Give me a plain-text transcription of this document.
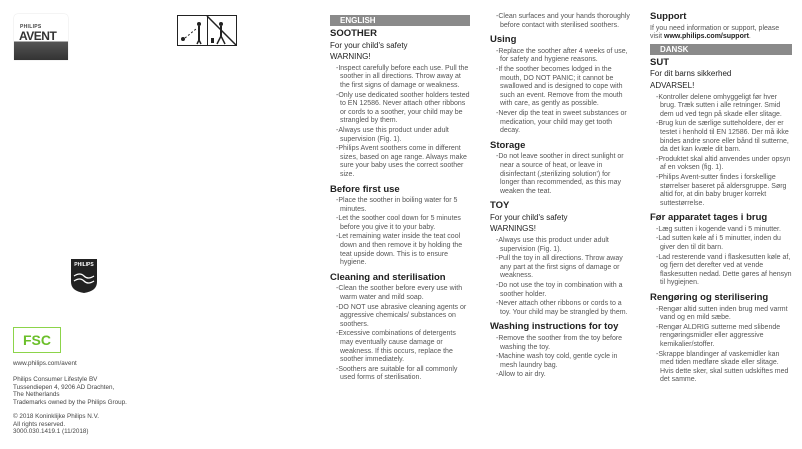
PHILIPS
AVENT
PHILIPS
FSC
www.philips.com/avent
Philips Consumer Lifestyle BV
Tussendiepen 4, 9206 AD Drachten,
The Netherlands
Trademarks owned by the Philips Group.
© 2018 Koninklijke Philips N.V.
All rights reserved.
3000.030.1419.1 (11/2018)
ENGLISH
SOOTHER
For your child's safety
WARNING!
- Inspect carefully before each use. Pull the soother in all directions. Throw away at the first signs of damage or weakness.
- Only use dedicated soother holders tested to EN 12586. Never attach other ribbons or cords to a soother, your child may be strangled by them.
- Always use this product under adult supervision (Fig. 1).
- Philips Avent soothers come in different sizes, based on age range. Always make sure your baby uses the correct soother size.
Before first use
- Place the soother in boiling water for 5 minutes.
- Let the soother cool down for 5 minutes before you give it to your baby.
- Let remaining water inside the teat cool down and then remove it by holding the teat upside down. This is to ensure hygiene.
Cleaning and sterilisation
- Clean the soother before every use with warm water and mild soap.
- DO NOT use abrasive cleaning agents or aggressive chemicals/ substances on soothers.
- Excessive combinations of detergents may eventually cause damage or weakness. If this occurs, replace the soother immediately.
- Soothers are suitable for all commonly used forms of sterilisation.
- Clean surfaces and your hands thoroughly before contact with sterilised soothers.
Using
- Replace the soother after 4 weeks of use, for safety and hygiene reasons.
- If the soother becomes lodged in the mouth, DO NOT PANIC; it cannot be swallowed and is designed to cope with such an event. Remove from the mouth with care, as gently as possible.
- Never dip the teat in sweet substances or medication, your child may get tooth decay.
Storage
- Do not leave soother in direct sunlight or near a source of heat, or leave in disinfectant (‚sterilizing solution') for longer than recommended, as this may weaken the teat.
TOY
For your child's safety
WARNINGS!
- Always use this product under adult supervision (Fig. 1).
- Pull the toy in all directions. Throw away any part at the first signs of damage or weakness.
- Do not use the toy in combination with a soother holder.
- Never attach other ribbons or cords to a toy. Your child may be strangled by them.
Washing instructions for toy
- Remove the soother from the toy before washing the toy.
- Machine wash toy cold, gentle cycle in mesh laundry bag.
- Allow to air dry.
Support
If you need information or support, please visit www.philips.com/support.
DANSK
SUT
For dit barns sikkerhed
ADVARSEL!
- Kontroller delene omhyggeligt før hver brug. Træk sutten i alle retninger. Smid dem ud ved tegn på skade eller slitage.
- Brug kun de særlige sutteholdere, der er testet i henhold til EN 12586. Der må ikke bindes andre snore eller bånd til sutterne, da det kan kvæle dit barn.
- Produktet skal altid anvendes under opsyn af en voksen (fig. 1).
- Philips Avent-sutter findes i forskellige størrelser baseret på aldersgruppe. Sørg altid for, at din baby bruger korrekt suttestørrelse.
Før apparatet tages i brug
- Læg sutten i kogende vand i 5 minutter.
- Lad sutten køle af i 5 minutter, inden du giver den til dit barn.
- Lad resterende vand i flaskesutten køle af, og fjern det derefter ved at vende flaskesutten nedad. Dette gøres af hensyn til hygiejnen.
Rengøring og sterilisering
- Rengør altid sutten inden brug med varmt vand og en mild sæbe.
- Rengør ALDRIG sutterne med slibende rengøringsmidler eller aggressive kemikalier/stoffer.
- Skrappe blandinger af vaskemidler kan med tiden medføre skade eller slitage. Hvis dette sker, skal sutten udskiftes med det samme.
